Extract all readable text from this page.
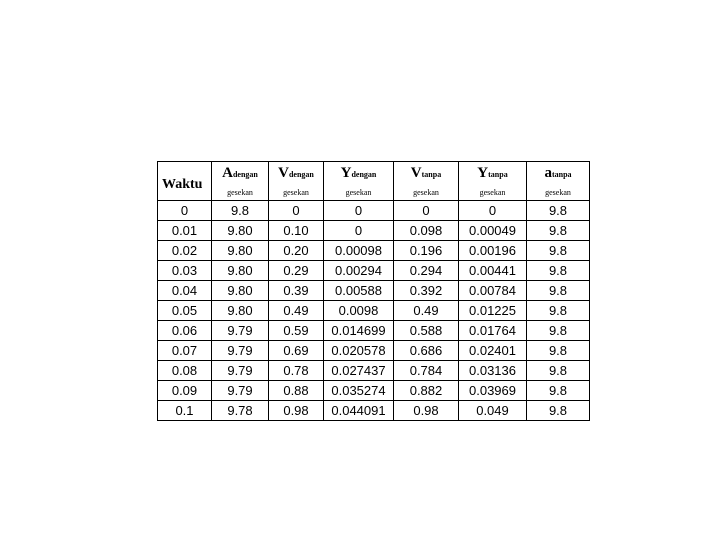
Waktu	Adengan	Vdengan	Ydengan	Vtanpa	Ytanpa	atanpa
	gesekan	gesekan	gesekan	gesekan	gesekan	gesekan
0	9.8	0	0	0	0	9.8
0.01	9.80	0.10	0	0.098	0.00049	9.8
0.02	9.80	0.20	0.00098	0.196	0.00196	9.8
0.03	9.80	0.29	0.00294	0.294	0.00441	9.8
0.04	9.80	0.39	0.00588	0.392	0.00784	9.8
0.05	9.80	0.49	0.0098	0.49	0.01225	9.8
0.06	9.79	0.59	0.014699	0.588	0.01764	9.8
0.07	9.79	0.69	0.020578	0.686	0.02401	9.8
0.08	9.79	0.78	0.027437	0.784	0.03136	9.8
0.09	9.79	0.88	0.035274	0.882	0.03969	9.8
0.1	9.78	0.98	0.044091	0.98	0.049	9.8
